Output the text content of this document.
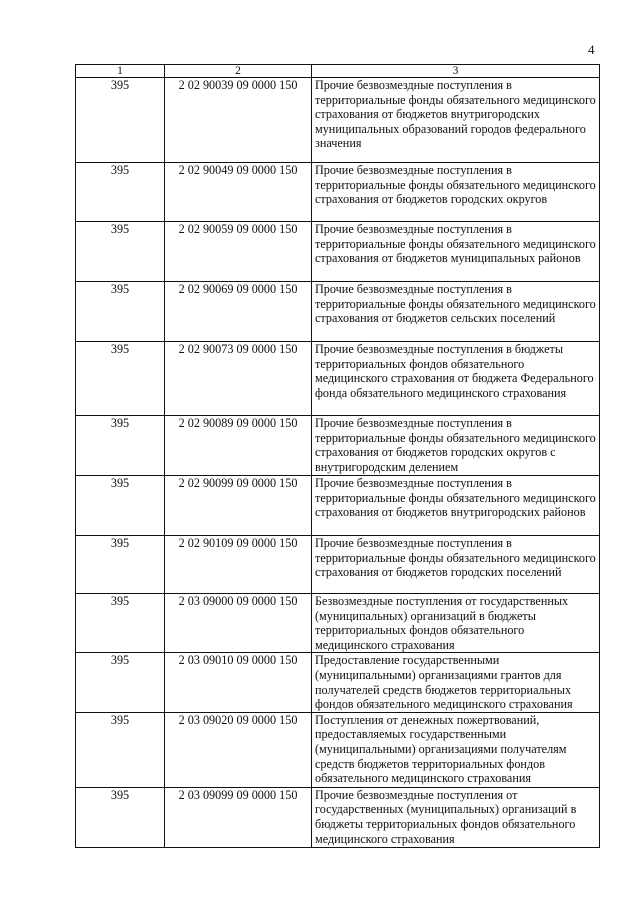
4
1	2	3
395	2 02 90039 09 0000 150	Прочие безвозмездные поступления в территориальные фонды обязательного медицинского страхования от бюджетов внутригородских муниципальных образований городов федерального значения
395	2 02 90049 09 0000 150	Прочие безвозмездные поступления в территориальные фонды обязательного медицинского страхования от бюджетов городских округов
395	2 02 90059 09 0000 150	Прочие безвозмездные поступления в территориальные фонды обязательного медицинского страхования от бюджетов муниципальных районов
395	2 02 90069 09 0000 150	Прочие безвозмездные поступления в территориальные фонды обязательного медицинского страхования от бюджетов сельских поселений
395	2 02 90073 09 0000 150	Прочие безвозмездные поступления в бюджеты территориальных фондов обязательного медицинского страхования от бюджета Федерального фонда обязательного медицинского страхования
395	2 02 90089 09 0000 150	Прочие безвозмездные поступления в территориальные фонды обязательного медицинского страхования от бюджетов городских округов с внутригородским делением
395	2 02 90099 09 0000 150	Прочие безвозмездные поступления в территориальные фонды обязательного медицинского страхования от бюджетов внутригородских районов
395	2 02 90109 09 0000 150	Прочие безвозмездные поступления в территориальные фонды обязательного медицинского страхования от бюджетов городских поселений
395	2 03 09000 09 0000 150	Безвозмездные поступления от государственных (муниципальных) организаций в бюджеты территориальных фондов обязательного медицинского страхования
395	2 03 09010 09 0000 150	Предоставление государственными (муниципальными) организациями грантов для получателей средств бюджетов территориальных фондов обязательного медицинского страхования
395	2 03 09020 09 0000 150	Поступления от денежных пожертвований, предоставляемых государственными (муниципальными) организациями получателям средств бюджетов территориальных фондов обязательного медицинского страхования
395	2 03 09099 09 0000 150	Прочие безвозмездные поступления от государственных (муниципальных) организаций в бюджеты территориальных фондов обязательного медицинского страхования
